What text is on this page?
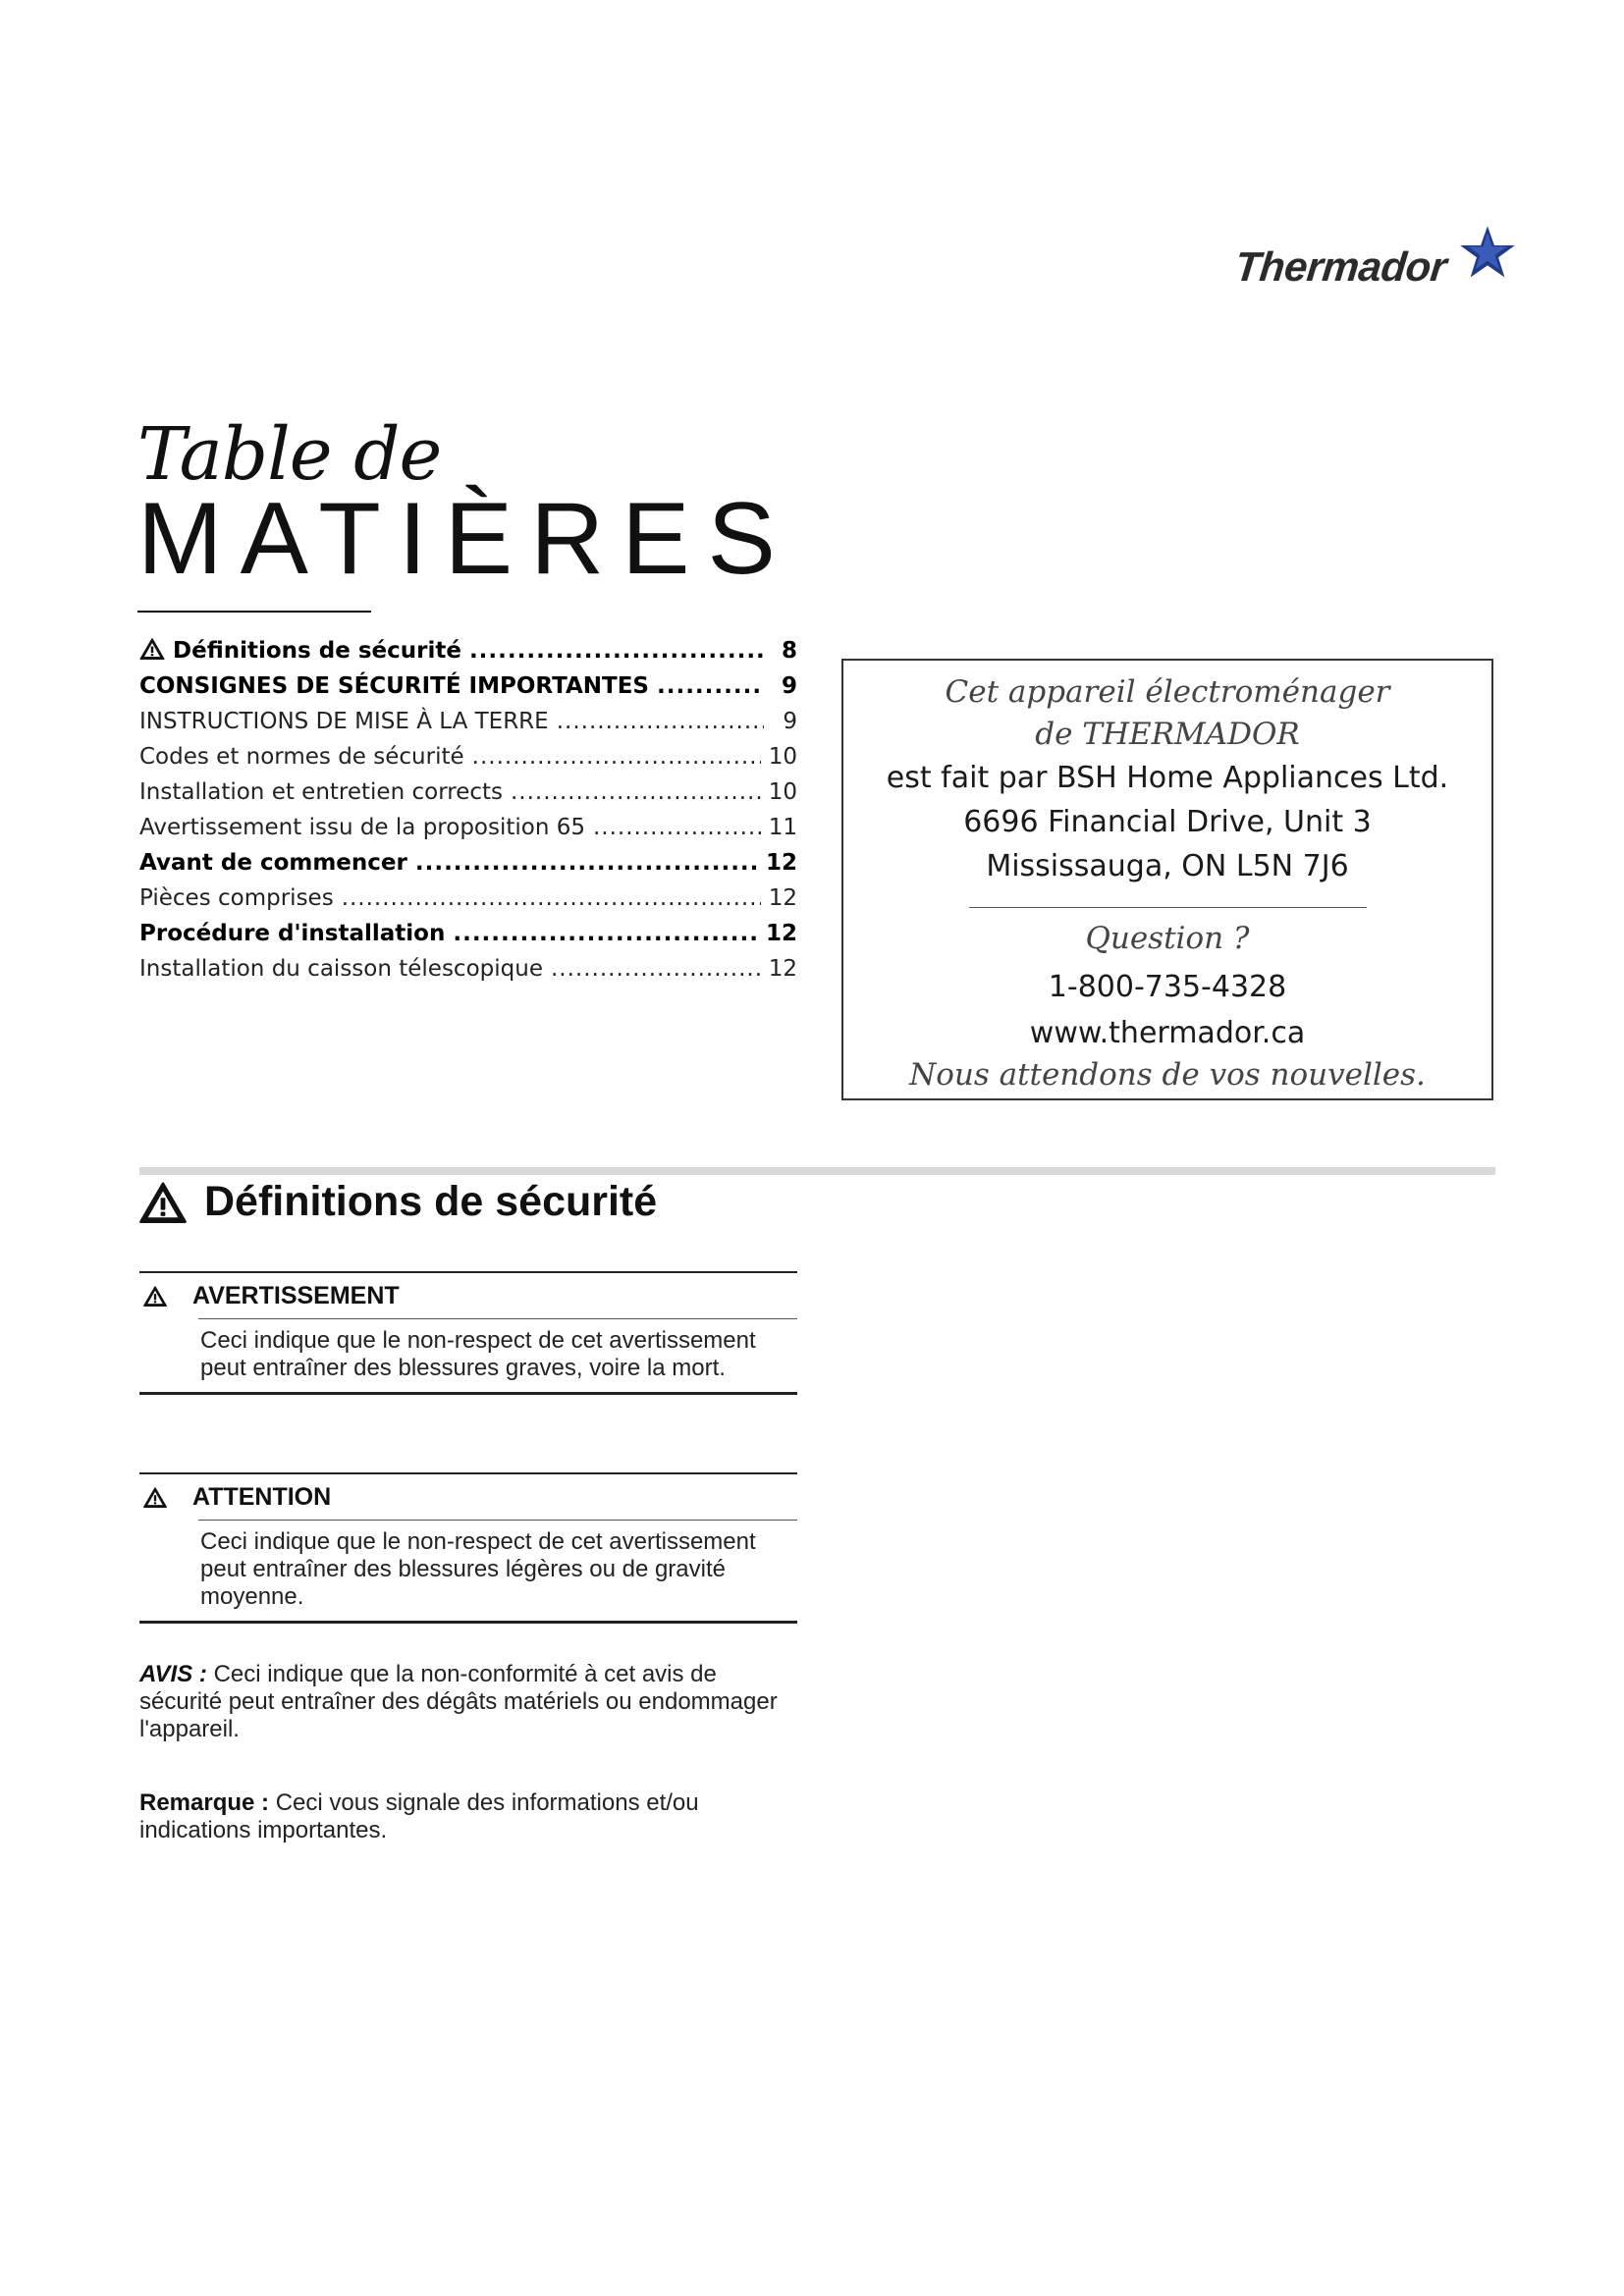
Thermador
Table de
MATIÈRES
Définitions de sécurité .....	8
CONSIGNES DE SÉCURITÉ IMPORTANTES .....	9
INSTRUCTIONS DE MISE À LA TERRE .....	9
Codes et normes de sécurité .....	10
Installation et entretien corrects .....	10
Avertissement issu de la proposition 65 .....	11
Avant de commencer .....	12
Pièces comprises .....	12
Procédure d'installation .....	12
Installation du caisson télescopique .....	12
Cet appareil électroménager
de THERMADOR
est fait par BSH Home Appliances Ltd.
6696 Financial Drive, Unit 3
Mississauga, ON L5N 7J6
Question ?
1-800-735-4328
www.thermador.ca
Nous attendons de vos nouvelles.
Définitions de sécurité
AVERTISSEMENT
Ceci indique que le non-respect de cet avertissement peut entraîner des blessures graves, voire la mort.
ATTENTION
Ceci indique que le non-respect de cet avertissement peut entraîner des blessures légères ou de gravité moyenne.
AVIS : Ceci indique que la non-conformité à cet avis de sécurité peut entraîner des dégâts matériels ou endommager l'appareil.
Remarque : Ceci vous signale des informations et/ou indications importantes.
